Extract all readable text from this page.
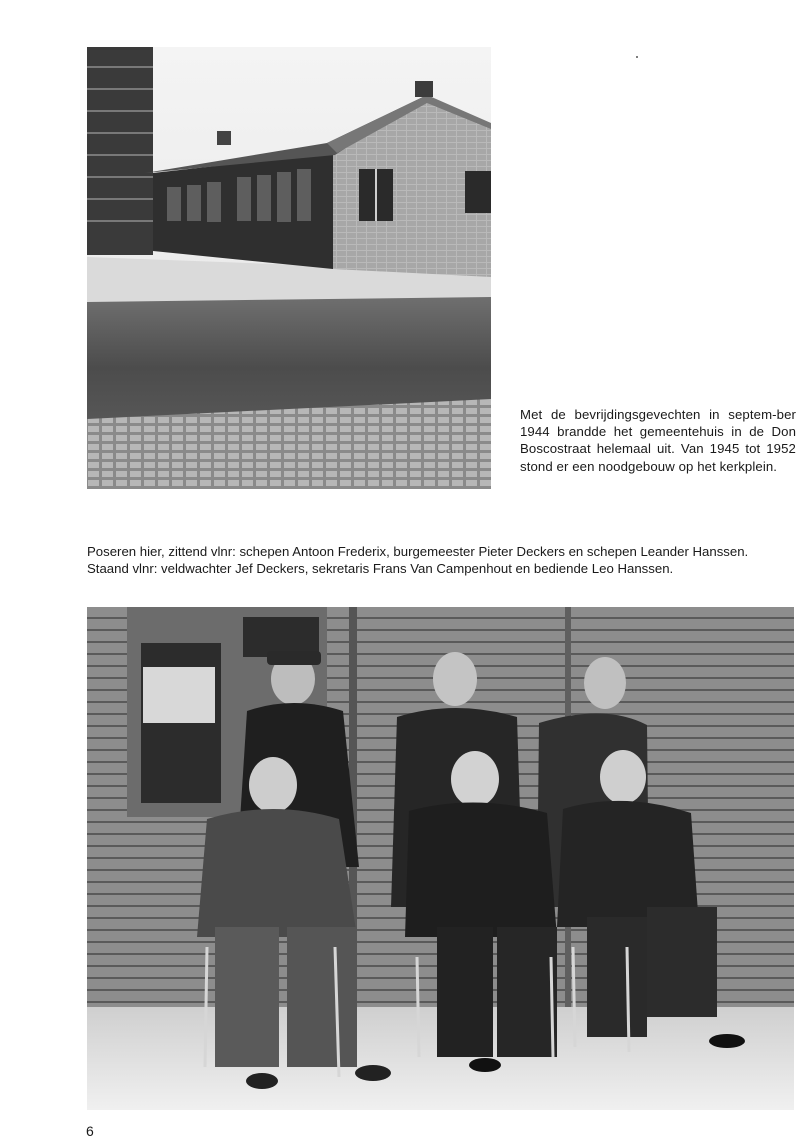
Met de bevrijdingsgevechten in septem-ber 1944 brandde het gemeentehuis in de Don Boscostraat helemaal uit. Van 1945 tot 1952 stond er een noodgebouw op het kerkplein.

Poseren hier, zittend vlnr: schepen Antoon Frederix, burgemeester Pieter Deckers en schepen Leander Hanssen.

Staand vlnr: veldwachter Jef Deckers, sekretaris Frans Van Campenhout en bediende Leo Hanssen.

6
